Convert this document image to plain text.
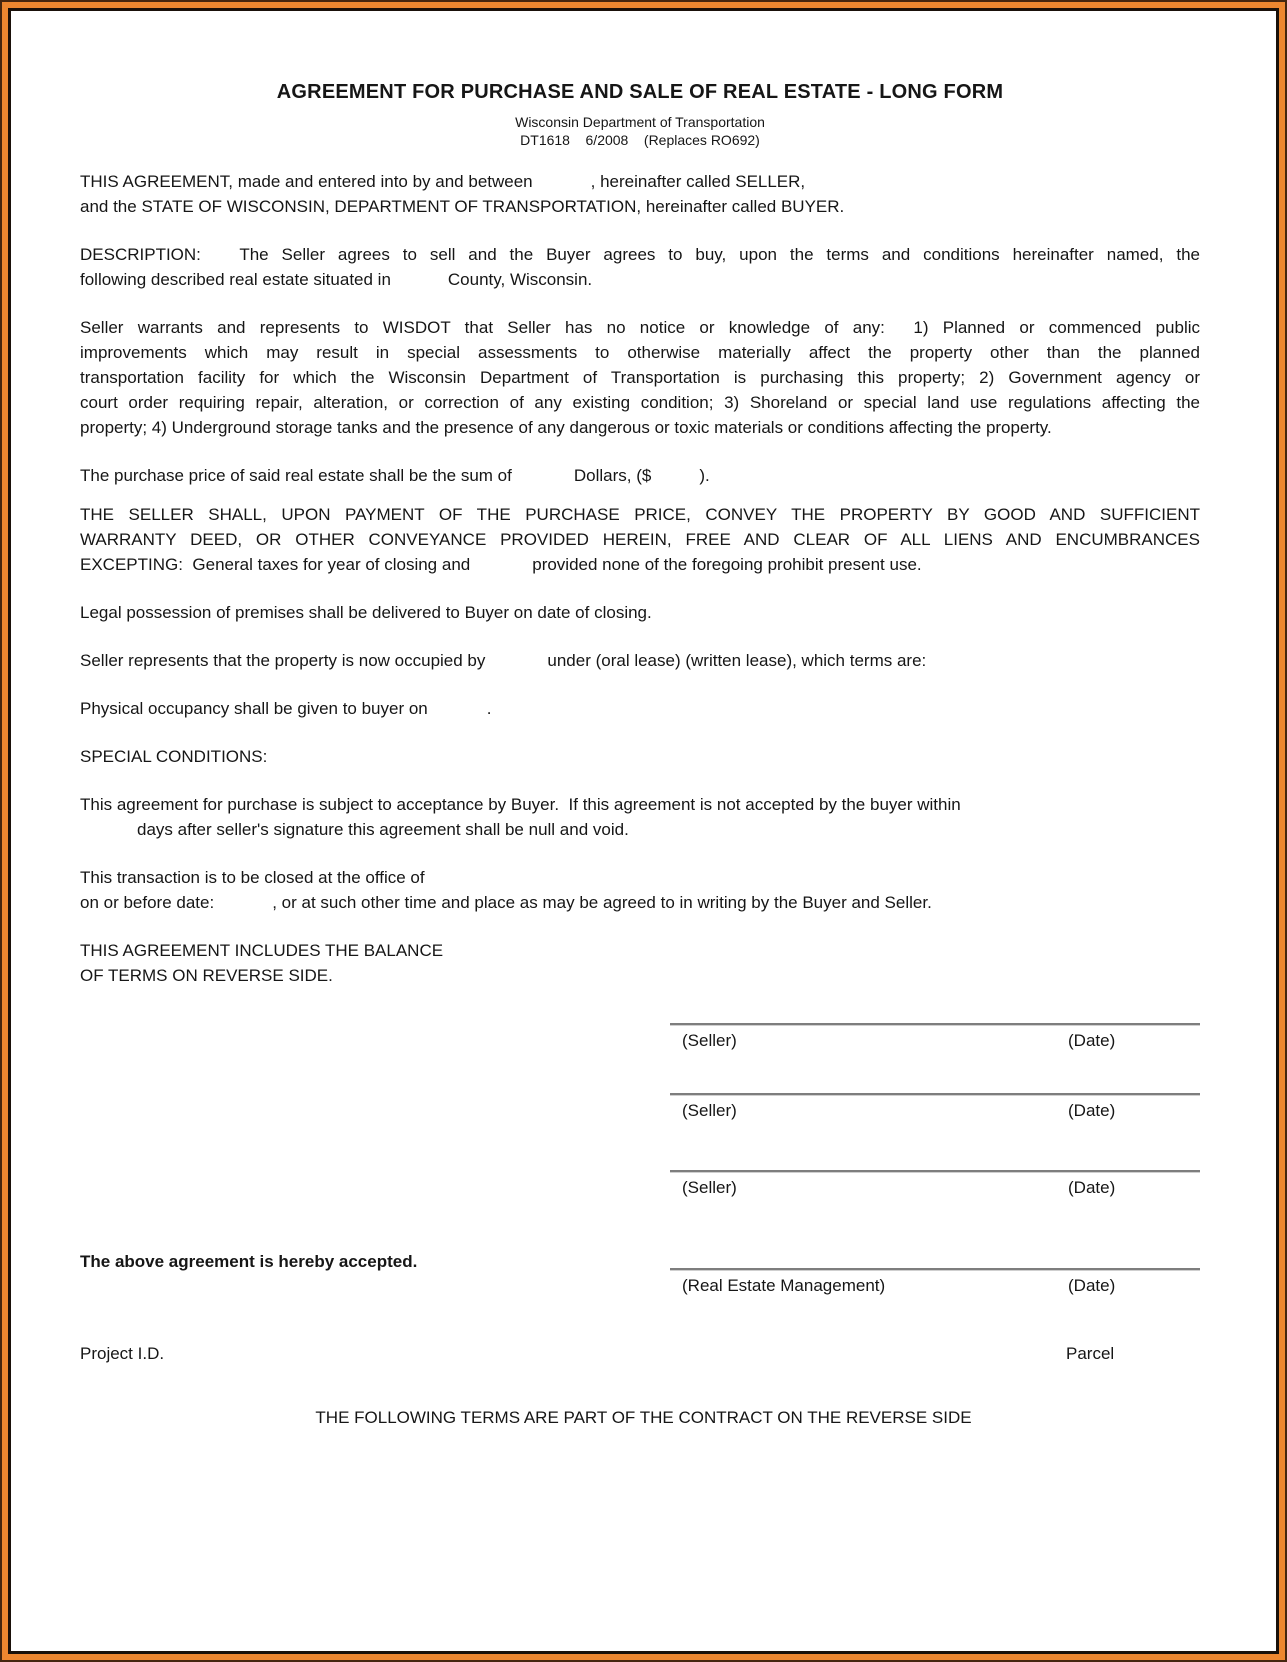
AGREEMENT FOR PURCHASE AND SALE OF REAL ESTATE - LONG FORM
Wisconsin Department of Transportation
DT1618    6/2008    (Replaces RO692)
THIS AGREEMENT, made and entered into by and between	, hereinafter called SELLER,
and the STATE OF WISCONSIN, DEPARTMENT OF TRANSPORTATION, hereinafter called BUYER.
DESCRIPTION:   The Seller agrees to sell and the Buyer agrees to buy, upon the terms and conditions hereinafter named, the
following described real estate situated in	County, Wisconsin.
Seller warrants and represents to WISDOT that Seller has no notice or knowledge of any:  1) Planned or commenced public
improvements which may result in special assessments to otherwise materially affect the property other than the planned
transportation facility for which the Wisconsin Department of Transportation is purchasing this property; 2) Government agency or
court order requiring repair, alteration, or correction of any existing condition; 3) Shoreland or special land use regulations affecting the
property; 4) Underground storage tanks and the presence of any dangerous or toxic materials or conditions affecting the property.
The purchase price of said real estate shall be the sum of	Dollars, ($	).
THE SELLER SHALL, UPON PAYMENT OF THE PURCHASE PRICE, CONVEY THE PROPERTY BY GOOD AND SUFFICIENT
WARRANTY DEED, OR OTHER CONVEYANCE PROVIDED HEREIN, FREE AND CLEAR OF ALL LIENS AND ENCUMBRANCES
EXCEPTING:  General taxes for year of closing and	provided none of the foregoing prohibit present use.
Legal possession of premises shall be delivered to Buyer on date of closing.
Seller represents that the property is now occupied by	under (oral lease) (written lease), which terms are:
Physical occupancy shall be given to buyer on	.
SPECIAL CONDITIONS:
This agreement for purchase is subject to acceptance by Buyer.  If this agreement is not accepted by the buyer within
days after seller's signature this agreement shall be null and void.
This transaction is to be closed at the office of
on or before date:	, or at such other time and place as may be agreed to in writing by the Buyer and Seller.
THIS AGREEMENT INCLUDES THE BALANCE
OF TERMS ON REVERSE SIDE.
(Seller)	(Date)
(Seller)	(Date)
(Seller)	(Date)
The above agreement is hereby accepted.
(Real Estate Management)	(Date)
Project I.D.	Parcel
THE FOLLOWING TERMS ARE PART OF THE CONTRACT ON THE REVERSE SIDE
